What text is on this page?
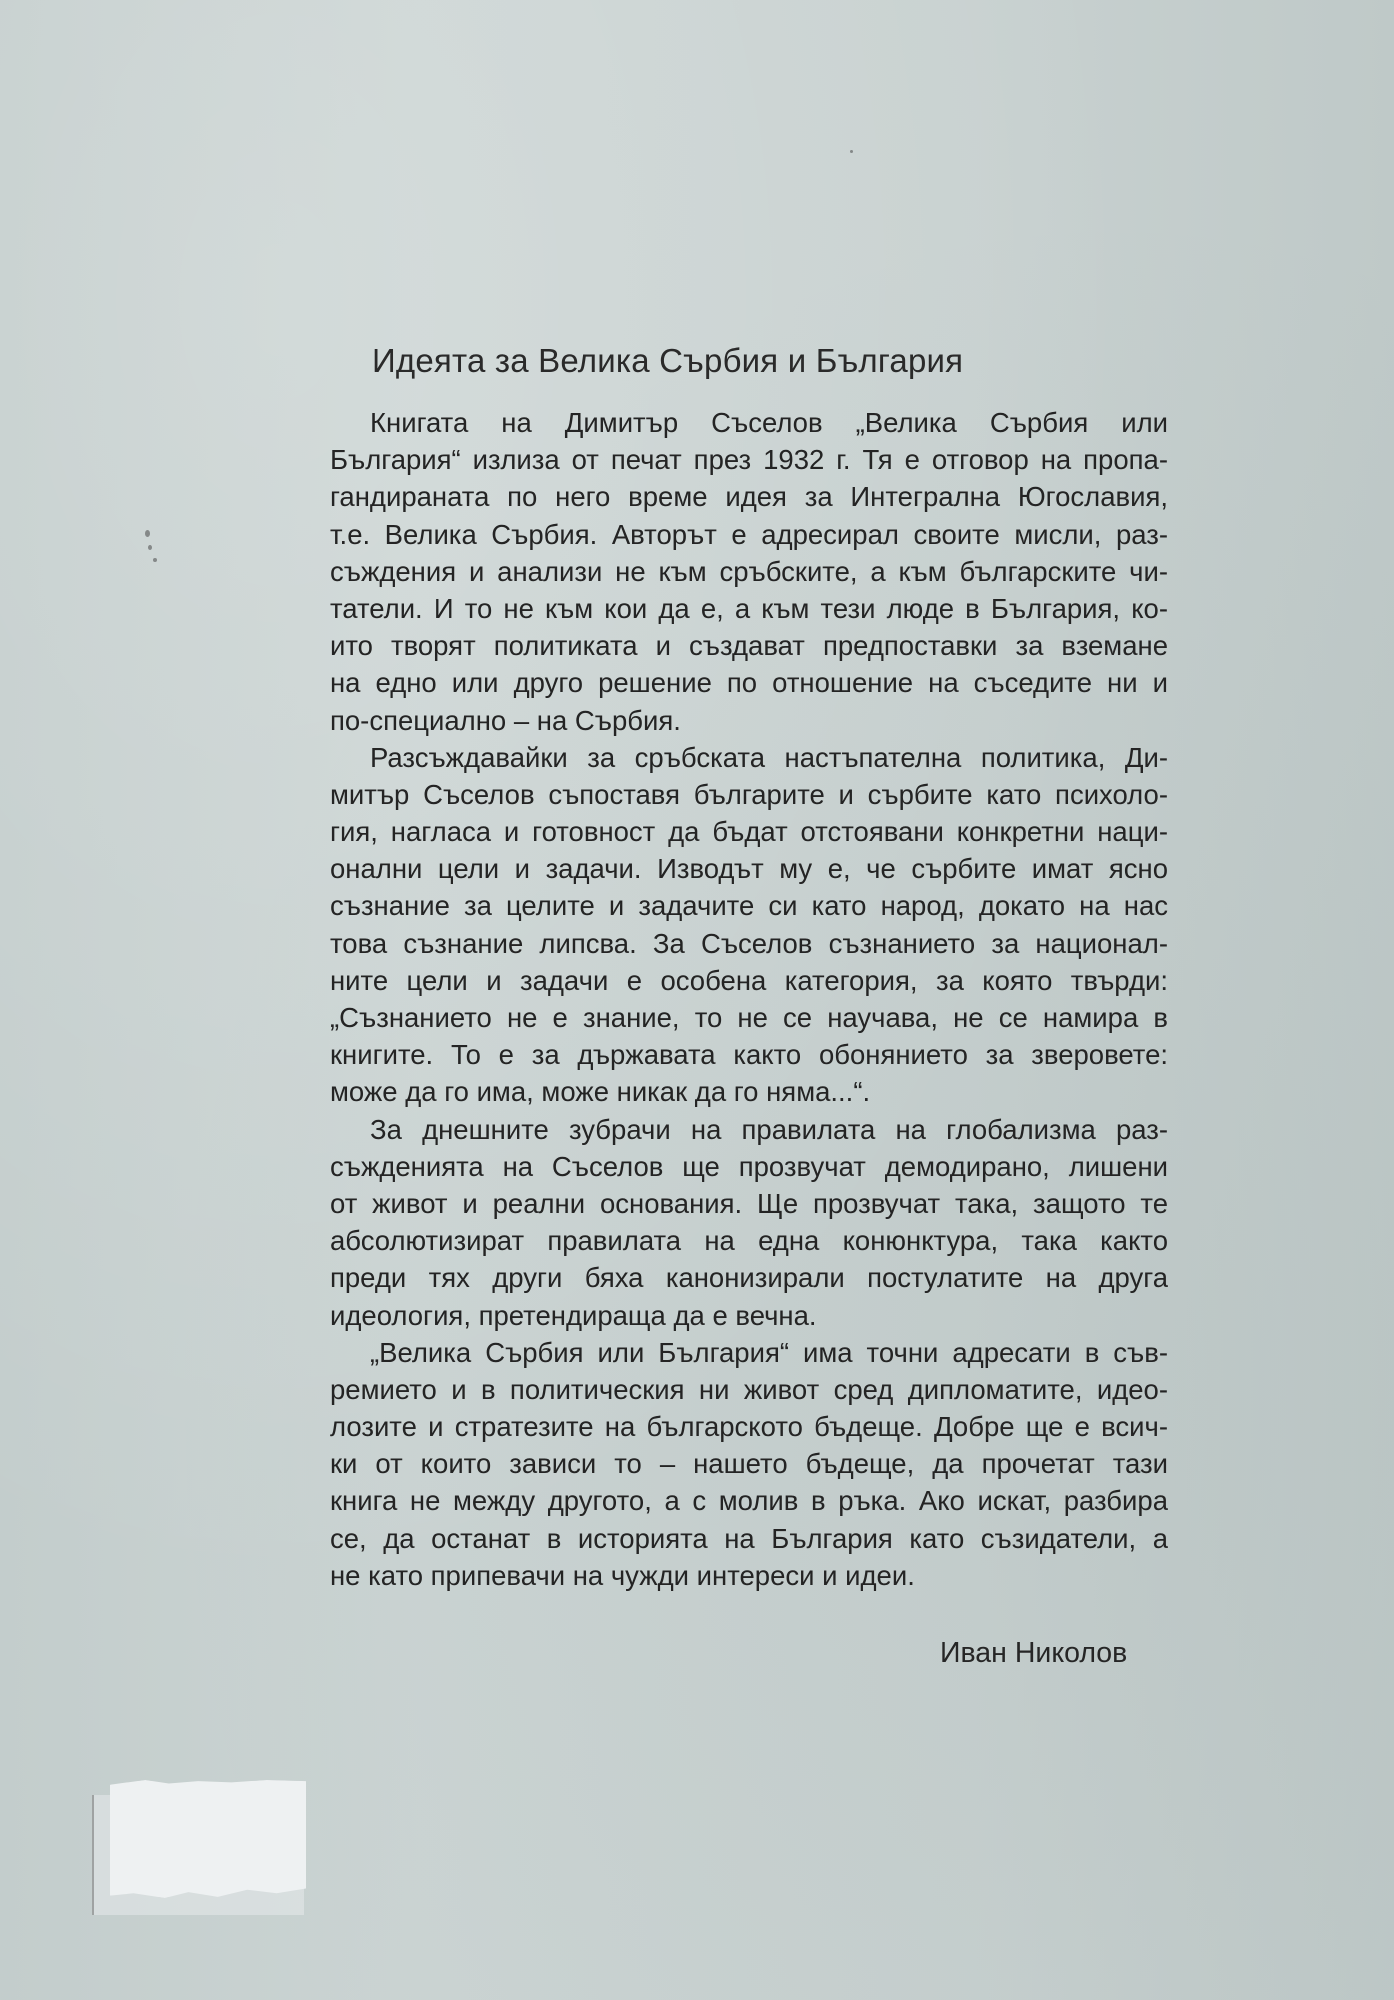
Идеята за Велика Сърбия и България
Книгата на Димитър Съселов „Велика Сърбия или
България“ излиза от печат през 1932 г. Тя е отговор на пропа-
гандираната по него време идея за Интегрална Югославия,
т.е. Велика Сърбия. Авторът е адресирал своите мисли, раз-
съждения и анализи не към сръбските, а към българските чи-
татели. И то не към кои да е, а към тези люде в България, ко-
ито творят политиката и създават предпоставки за вземане
на едно или друго решение по отношение на съседите ни и
по-специално – на Сърбия.
Разсъждавайки за сръбската настъпателна политика, Ди-
митър Съселов съпоставя българите и сърбите като психоло-
гия, нагласа и готовност да бъдат отстоявани конкретни наци-
онални цели и задачи. Изводът му е, че сърбите имат ясно
съзнание за целите и задачите си като народ, докато на нас
това съзнание липсва. За Съселов съзнанието за национал-
ните цели и задачи е особена категория, за която твърди:
„Съзнанието не е знание, то не се научава, не се намира в
книгите. То е за държавата както обонянието за зверовете:
може да го има, може никак да го няма...“.
За днешните зубрачи на правилата на глобализма раз-
съжденията на Съселов ще прозвучат демодирано, лишени
от живот и реални основания. Ще прозвучат така, защото те
абсолютизират правилата на една конюнктура, така както
преди тях други бяха канонизирали постулатите на друга
идеология, претендираща да е вечна.
„Велика Сърбия или България“ има точни адресати в съв-
ремието и в политическия ни живот сред дипломатите, идео-
лозите и стратезите на българското бъдеще. Добре ще е всич-
ки от които зависи то – нашето бъдеще, да прочетат тази
книга не между другото, а с молив в ръка. Ако искат, разбира
се, да останат в историята на България като съзидатели, а
не като припевачи на чужди интереси и идеи.
Иван Николов
